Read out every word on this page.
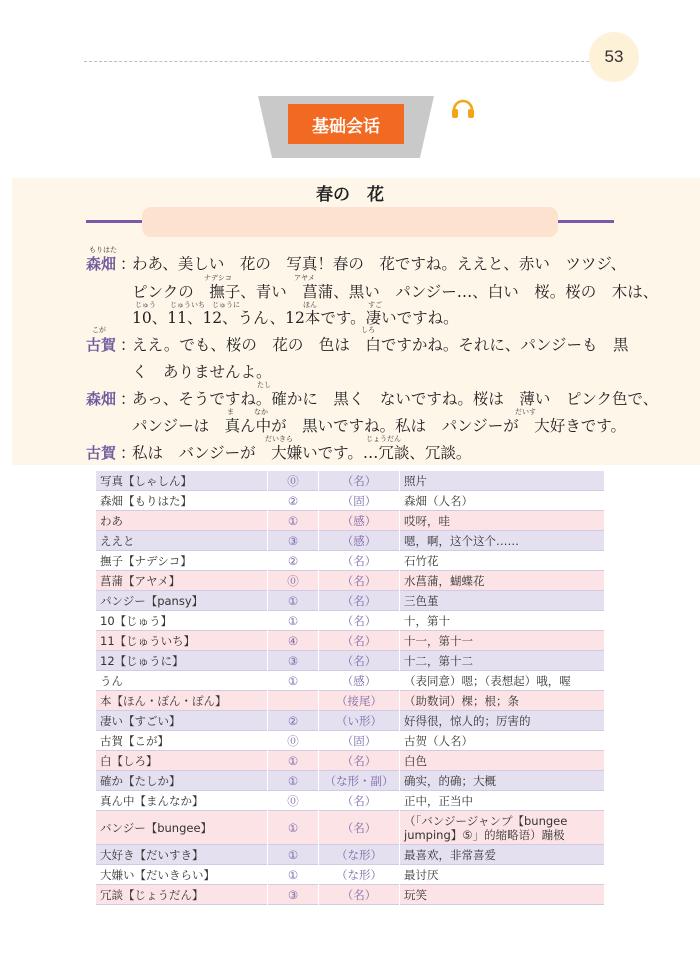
53
基础会话
春の　花
もりはた
森畑 ：
ナデシコ	アヤメ
じゅう じゅういち じゅうに	ほん	すご
わあ、美しい　花の　写真！春の　花ですね。ええと、赤い　ツツジ、
ピンクの　撫子、青い　菖蒲、黒い　パンジー…、白い　桜。桜の　木は、
10、11、12、うん、12本です。凄いですね。
こが
古賀 ：
しろ
ええ。でも、桜の　花の　色は　白ですかね。それに、パンジーも　黒
く　ありませんよ。
森畑 ：
たし
ま	なか	だいす
あっ、そうですね。確かに　黒く　ないですね。桜は　薄い　ピンク色で、
パンジーは　真ん中が　黒いですね。私は　パンジーが　大好きです。
古賀 ：
だいきら	じょうだん
私は　バンジーが　大嫌いです。…冗談、冗談。
写真【しゃしん】	⓪	（名）	照片
森畑【もりはた】	②	（固）	森畑（人名）
わあ	①	（感）	哎呀，哇
ええと	③	（感）	嗯，啊，这个这个……
撫子【ナデシコ】	②	（名）	石竹花
菖蒲【アヤメ】	⓪	（名）	水菖蒲，蝴蝶花
パンジー【pansy】	①	（名）	三色堇
10【じゅう】	①	（名）	十，第十
11【じゅういち】	④	（名）	十一，第十一
12【じゅうに】	③	（名）	十二，第十二
うん	①	（感）	（表同意）嗯；（表想起）哦，喔
本【ほん・ぼん・ぽん】		（接尾）	（助数词）棵；根；条
凄い【すごい】	②	（い形）	好得很，惊人的；厉害的
古賀【こが】	⓪	（固）	古贺（人名）
白【しろ】	①	（名）	白色
確か【たしか】	①	（な形・副）	确实，的确；大概
真ん中【まんなか】	⓪	（名）	正中，正当中
バンジー【bungee】	①	（名）	（「バンジージャンプ【bungee jumping】⑤」的缩略语）蹦极
大好き【だいすき】	①	（な形）	最喜欢，非常喜爱
大嫌い【だいきらい】	①	（な形）	最讨厌
冗談【じょうだん】	③	（名）	玩笑
